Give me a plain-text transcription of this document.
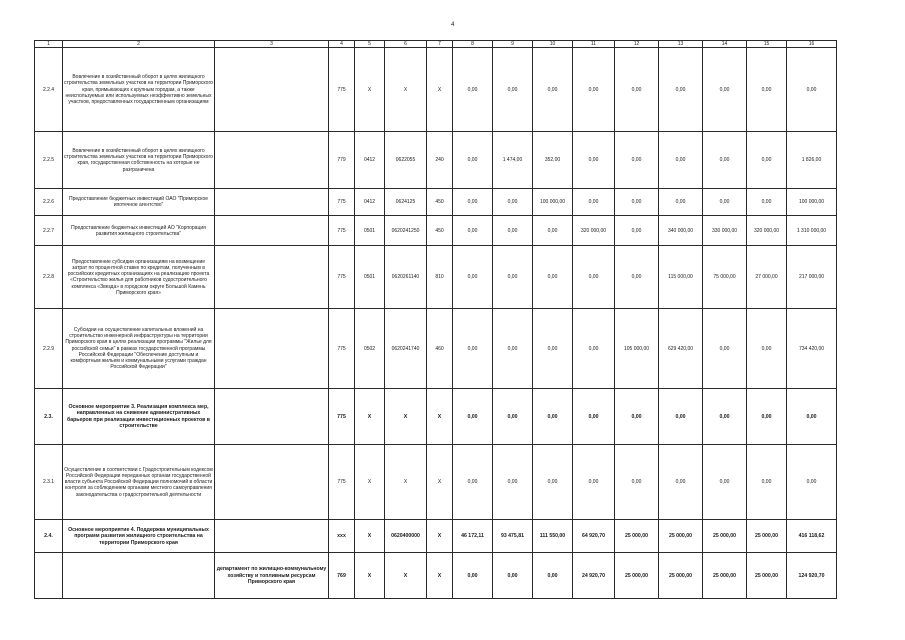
4
1	2	3	4	5	6	7	8	9	10	11	12	13	14	15	16
2.2.4	Вовлечение в хозяйственный оборот в целях жилищного строительства земельных участков на территории Приморского края, примыкающих к крупным городам, а также неиспользуемых или используемых неэффективно земельных участков, предоставленных государственным организациям		775	X	X	X	0,00	0,00	0,00	0,00	0,00	0,00	0,00	0,00	0,00
2.2.5	Вовлечение в хозяйственный оборот в целях жилищного строительства земельных участков на территории Приморского края, государственная собственность на которые не разграничена		779	0412	0622055	240	0,00	1 474,00	352,00	0,00	0,00	0,00	0,00	0,00	1 826,00
2.2.6	Предоставление бюджетных инвестиций ОАО "Приморское ипотечное агентство"		775	0412	0624125	450	0,00	0,00	100 000,00	0,00	0,00	0,00	0,00	0,00	100 000,00
2.2.7	Предоставление бюджетных инвестиций АО "Корпорация развития жилищного строительства"		775	0501	0620241250	450	0,00	0,00	0,00	320 000,00	0,00	340 000,00	330 000,00	320 000,00	1 310 000,00
2.2.8	Предоставление субсидии организациям на возмещение затрат по процентной ставке по кредитам, полученным в российских кредитных организациях на реализацию проекта «Строительство жилья для работников судостроительного комплекса «Звезда» в городском округе Большой Камень Приморского края»		775	0501	0620261140	810	0,00	0,00	0,00	0,00	0,00	115 000,00	75 000,00	27 000,00	217 000,00
2.2.9	Субсидии на осуществление капитальных вложений на строительство инженерной инфраструктуры на территории Приморского края в целях реализации программы "Жилье для российской семьи" в рамках государственной программы Российской Федерации "Обеспечение доступным и комфортным жильем и коммунальными услугами граждан Российской Федерации"		775	0502	0620241740	460	0,00	0,00	0,00	0,00	105 000,00	629 420,00	0,00	0,00	734 420,00
2.3.	Основное мероприятие 3. Реализация комплекса мер, направленных на снижение административных барьеров при реализации инвестиционных проектов в строительстве		775	X	X	X	0,00	0,00	0,00	0,00	0,00	0,00	0,00	0,00	0,00
2.3.1	Осуществление в соответствии с Градостроительным кодексом Российской Федерации переданных органам государственной власти субъекта Российской Федерации полномочий в области контроля за соблюдением органами местного самоуправления законодательства о градостроительной деятельности		775	X	X	X	0,00	0,00	0,00	0,00	0,00	0,00	0,00	0,00	0,00
2.4.	Основное мероприятие 4. Поддержка муниципальных программ развития жилищного строительства на территории Приморского края		xxx	X	0620400000	X	46 172,11	93 475,81	111 550,00	64 920,70	25 000,00	25 000,00	25 000,00	25 000,00	416 118,62
		департамент по жилищно-коммунальному хозяйству и топливным ресурсам Приморского края	769	X	X	X	0,00	0,00	0,00	24 920,70	25 000,00	25 000,00	25 000,00	25 000,00	124 920,70
